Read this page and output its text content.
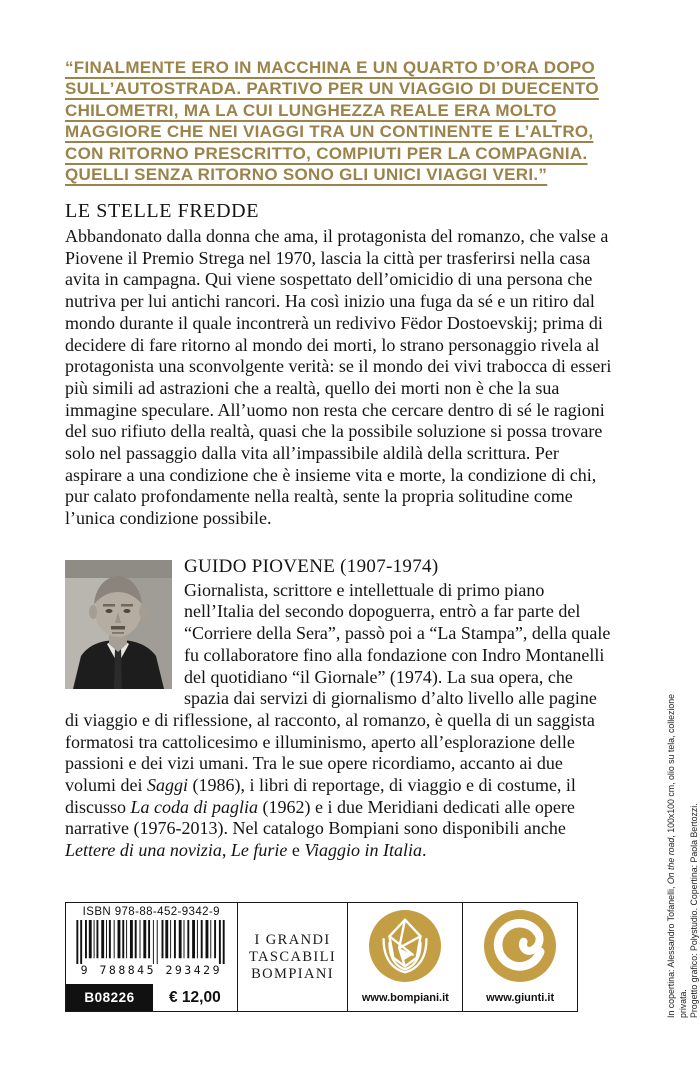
“FINALMENTE ERO IN MACCHINA E UN QUARTO D’ORA DOPO SULL’AUTOSTRADA. PARTIVO PER UN VIAGGIO DI DUECENTO CHILOMETRI, MA LA CUI LUNGHEZZA REALE ERA MOLTO MAGGIORE CHE NEI VIAGGI TRA UN CONTINENTE E L’ALTRO, CON RITORNO PRESCRITTO, COMPIUTI PER LA COMPAGNIA. QUELLI SENZA RITORNO SONO GLI UNICI VIAGGI VERI.”

LE STELLE FREDDE

Abbandonato dalla donna che ama, il protagonista del romanzo, che valse a Piovene il Premio Strega nel 1970, lascia la città per trasferirsi nella casa avita in campagna. Qui viene sospettato dell’omicidio di una persona che nutriva per lui antichi rancori. Ha così inizio una fuga da sé e un ritiro dal mondo durante il quale incontrerà un redivivo Fëdor Dostoevskij; prima di decidere di fare ritorno al mondo dei morti, lo strano personaggio rivela al protagonista una sconvolgente verità: se il mondo dei vivi trabocca di esseri più simili ad astrazioni che a realtà, quello dei morti non è che la sua immagine speculare. All’uomo non resta che cercare dentro di sé le ragioni del suo rifiuto della realtà, quasi che la possibile soluzione si possa trovare solo nel passaggio dalla vita all’impassibile aldilà della scrittura. Per aspirare a una condizione che è insieme vita e morte, la condizione di chi, pur calato profondamente nella realtà, sente la propria solitudine come l’unica condizione possibile.

GUIDO PIOVENE (1907-1974)

Giornalista, scrittore e intellettuale di primo piano nell’Italia del secondo dopoguerra, entrò a far parte del “Corriere della Sera”, passò poi a “La Stampa”, della quale fu collaboratore fino alla fondazione con Indro Montanelli del quotidiano “il Giornale” (1974). La sua opera, che spazia dai servizi di giornalismo d’alto livello alle pagine di viaggio e di riflessione, al racconto, al romanzo, è quella di un saggista formatosi tra cattolicesimo e illuminismo, aperto all’esplorazione delle passioni e dei vizi umani. Tra le sue opere ricordiamo, accanto ai due volumi dei Saggi (1986), i libri di reportage, di viaggio e di costume, il discusso La coda di paglia (1962) e i due Meridiani dedicati alle opere narrative (1976-2013). Nel catalogo Bompiani sono disponibili anche Lettere di una novizia, Le furie e Viaggio in Italia.

ISBN 978-88-452-9342-9
9 788845 293429
B08226	€ 12,00
I GRANDI
TASCABILI
BOMPIANI
www.bompiani.it	www.giunti.it	In copertina: Alessandro Tofanelli, On the road, 100x100 cm, olio su tela, collezione privata. Progetto grafico: Polystudio. Copertina: Paola Bertozzi.
